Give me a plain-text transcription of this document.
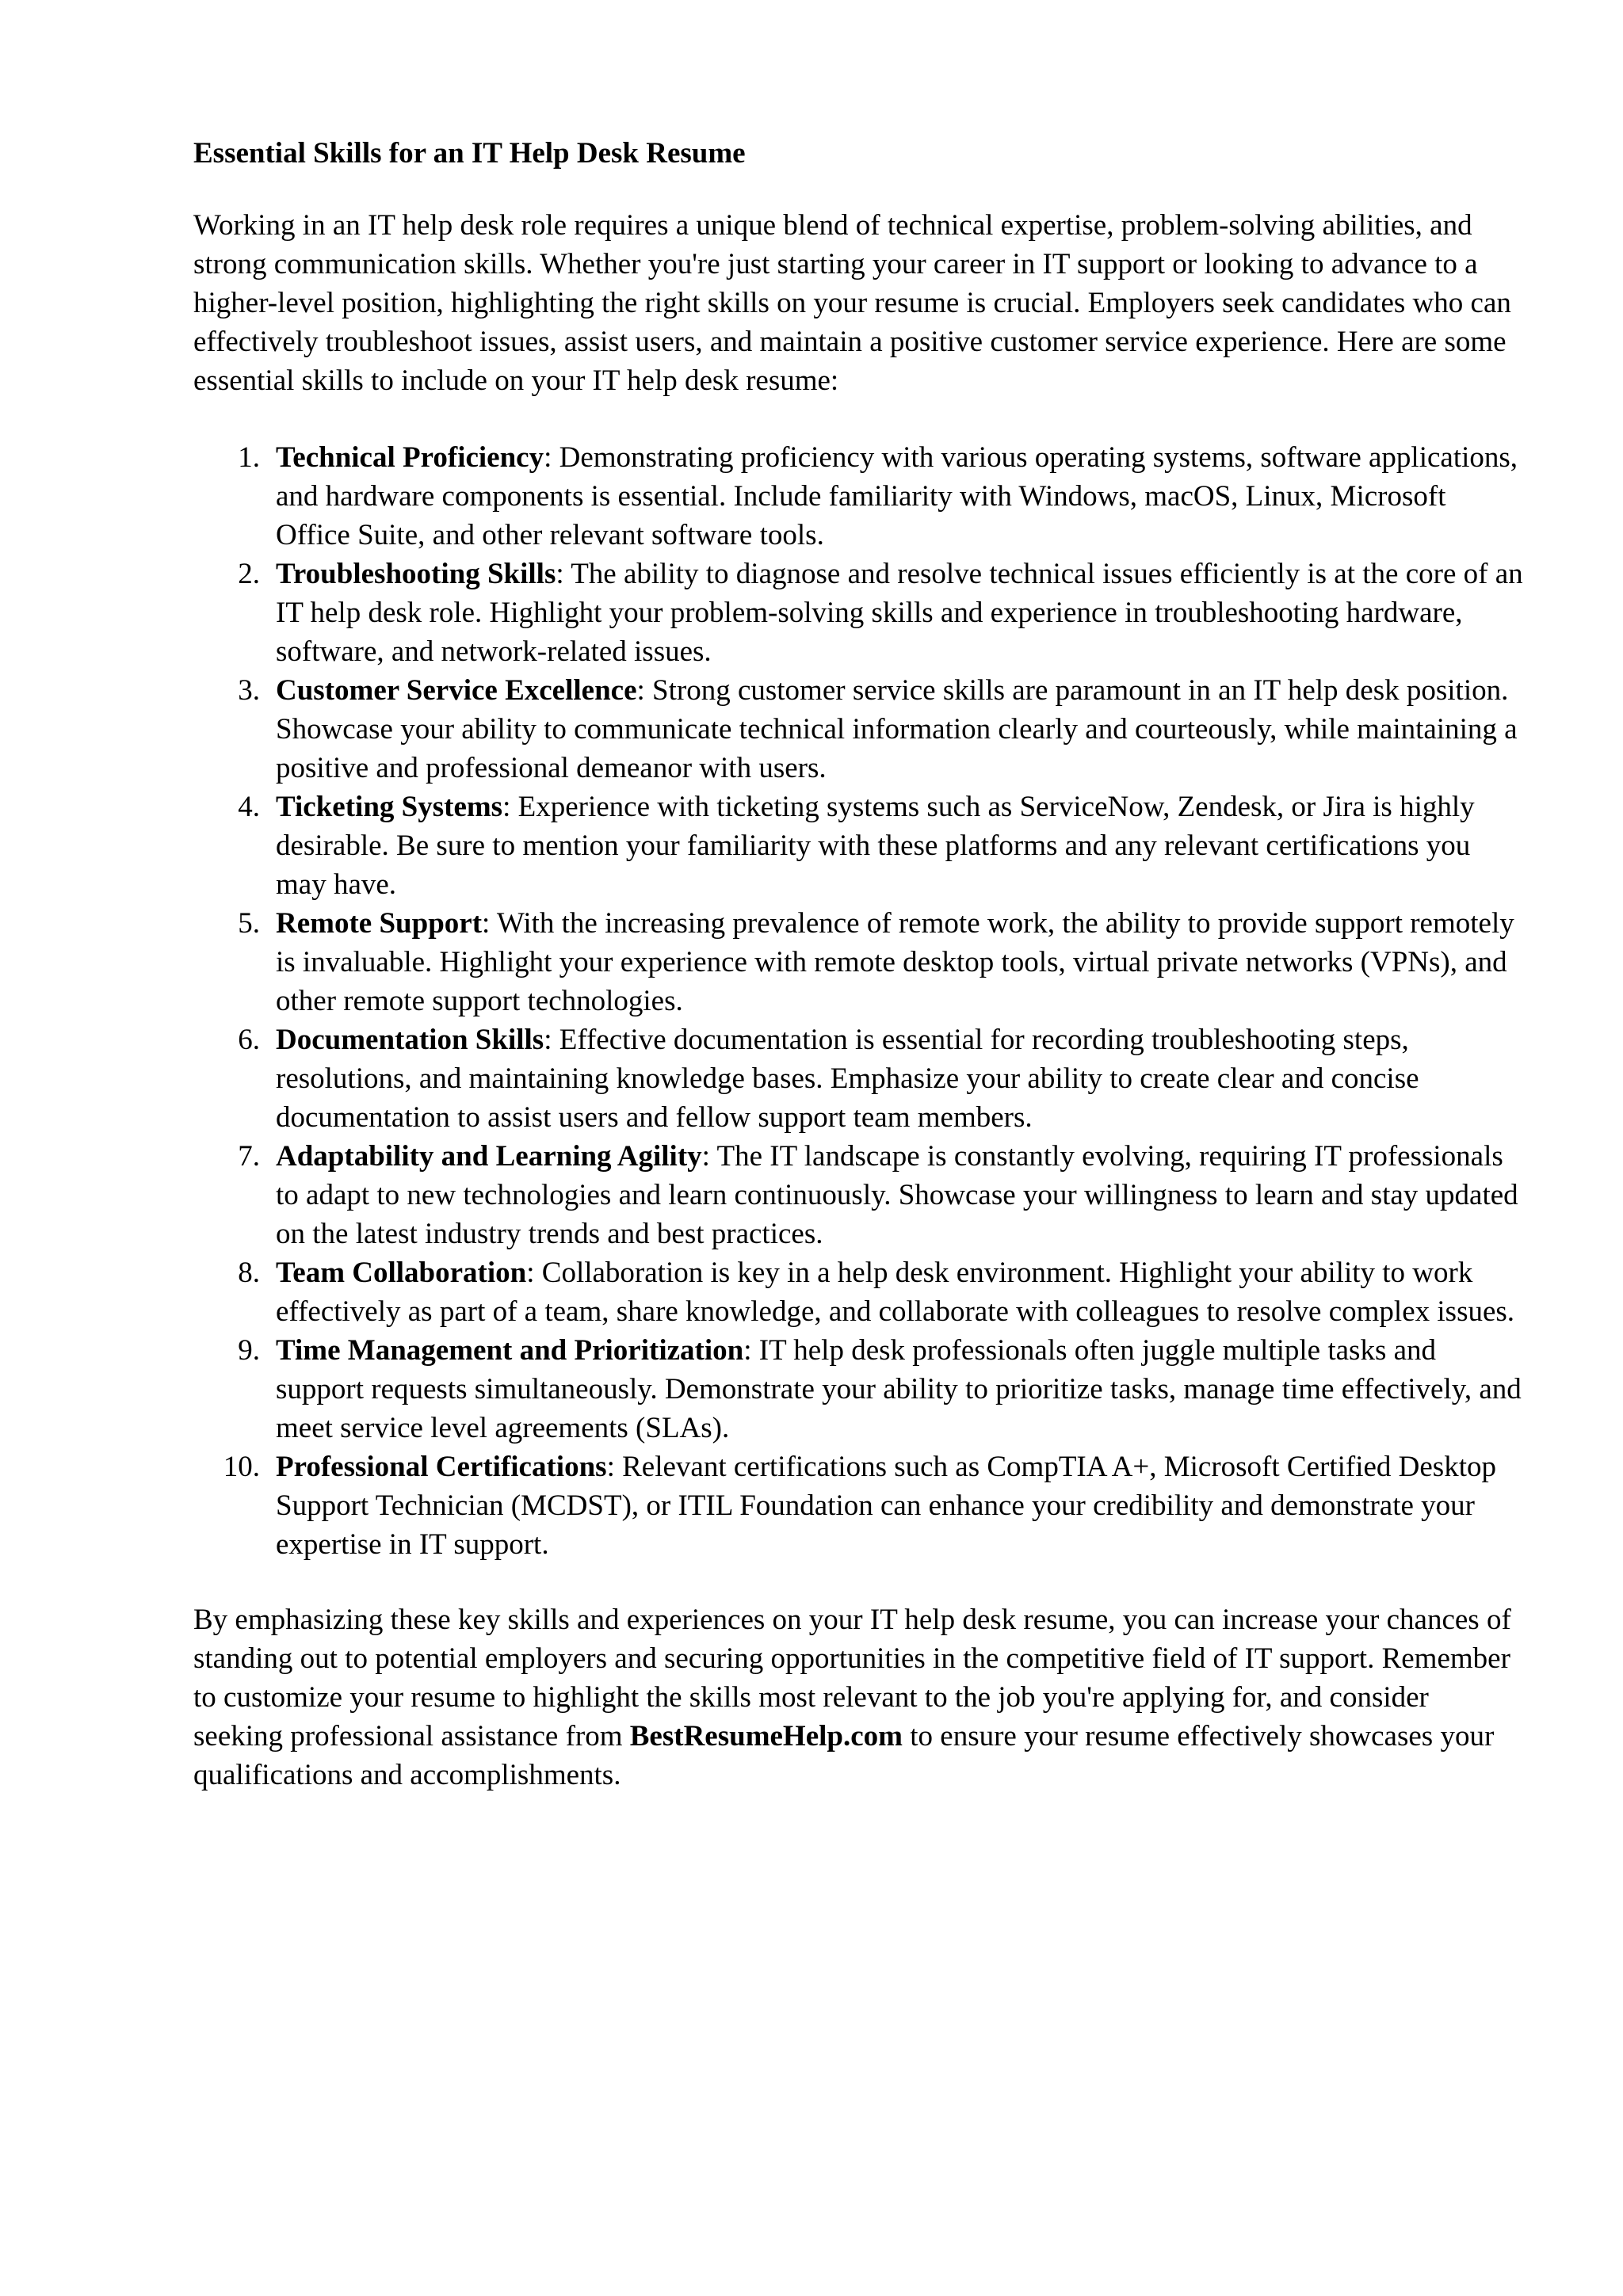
Essential Skills for an IT Help Desk Resume

Working in an IT help desk role requires a unique blend of technical expertise, problem-solving abilities, and strong communication skills. Whether you're just starting your career in IT support or looking to advance to a higher-level position, highlighting the right skills on your resume is crucial. Employers seek candidates who can effectively troubleshoot issues, assist users, and maintain a positive customer service experience. Here are some essential skills to include on your IT help desk resume:

1. Technical Proficiency: Demonstrating proficiency with various operating systems, software applications, and hardware components is essential. Include familiarity with Windows, macOS, Linux, Microsoft Office Suite, and other relevant software tools.
2. Troubleshooting Skills: The ability to diagnose and resolve technical issues efficiently is at the core of an IT help desk role. Highlight your problem-solving skills and experience in troubleshooting hardware, software, and network-related issues.
3. Customer Service Excellence: Strong customer service skills are paramount in an IT help desk position. Showcase your ability to communicate technical information clearly and courteously, while maintaining a positive and professional demeanor with users.
4. Ticketing Systems: Experience with ticketing systems such as ServiceNow, Zendesk, or Jira is highly desirable. Be sure to mention your familiarity with these platforms and any relevant certifications you may have.
5. Remote Support: With the increasing prevalence of remote work, the ability to provide support remotely is invaluable. Highlight your experience with remote desktop tools, virtual private networks (VPNs), and other remote support technologies.
6. Documentation Skills: Effective documentation is essential for recording troubleshooting steps, resolutions, and maintaining knowledge bases. Emphasize your ability to create clear and concise documentation to assist users and fellow support team members.
7. Adaptability and Learning Agility: The IT landscape is constantly evolving, requiring IT professionals to adapt to new technologies and learn continuously. Showcase your willingness to learn and stay updated on the latest industry trends and best practices.
8. Team Collaboration: Collaboration is key in a help desk environment. Highlight your ability to work effectively as part of a team, share knowledge, and collaborate with colleagues to resolve complex issues.
9. Time Management and Prioritization: IT help desk professionals often juggle multiple tasks and support requests simultaneously. Demonstrate your ability to prioritize tasks, manage time effectively, and meet service level agreements (SLAs).
10. Professional Certifications: Relevant certifications such as CompTIA A+, Microsoft Certified Desktop Support Technician (MCDST), or ITIL Foundation can enhance your credibility and demonstrate your expertise in IT support.

By emphasizing these key skills and experiences on your IT help desk resume, you can increase your chances of standing out to potential employers and securing opportunities in the competitive field of IT support. Remember to customize your resume to highlight the skills most relevant to the job you're applying for, and consider seeking professional assistance from BestResumeHelp.com to ensure your resume effectively showcases your qualifications and accomplishments.
